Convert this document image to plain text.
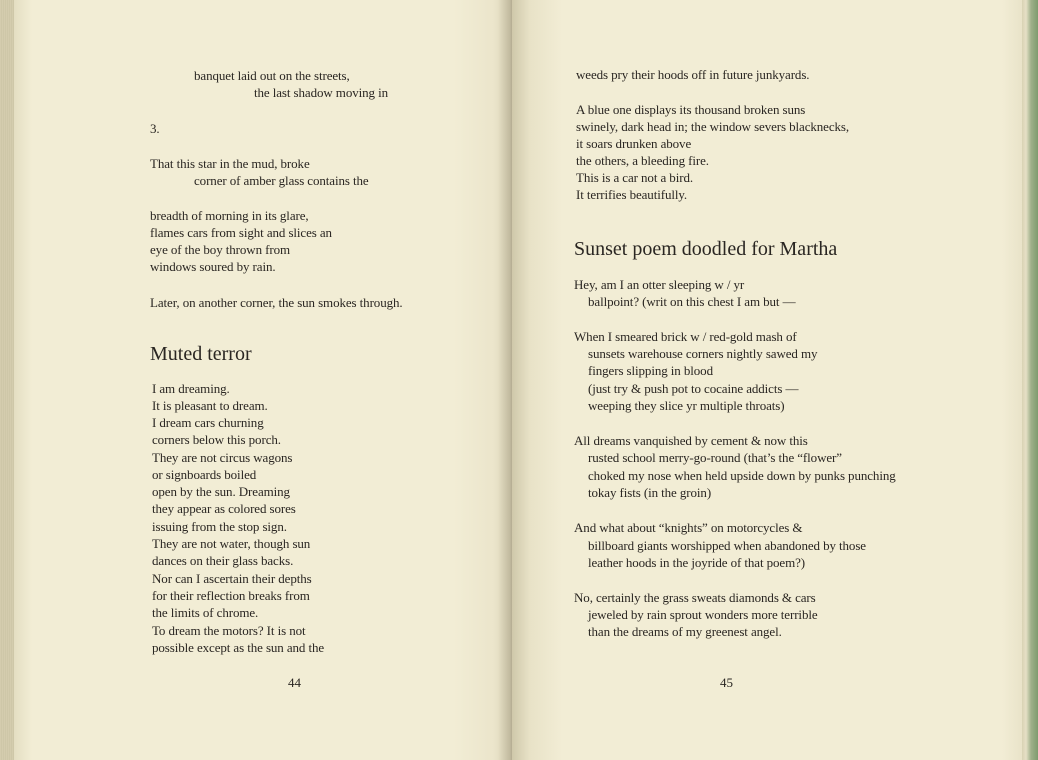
banquet laid out on the streets,
the last shadow moving in
3.
That this star in the mud, broke
corner of amber glass contains the
breadth of morning in its glare,
flames cars from sight and slices an
eye of the boy thrown from
windows soured by rain.
Later, on another corner, the sun smokes through.
Muted terror
I am dreaming.
It is pleasant to dream.
I dream cars churning
corners below this porch.
They are not circus wagons
or signboards boiled
open by the sun. Dreaming
they appear as colored sores
issuing from the stop sign.
They are not water, though sun
dances on their glass backs.
Nor can I ascertain their depths
for their reflection breaks from
the limits of chrome.
To dream the motors? It is not
possible except as the sun and the
44
weeds pry their hoods off in future junkyards.
A blue one displays its thousand broken suns
swinely, dark head in; the window severs blacknecks,
it soars drunken above
the others, a bleeding fire.
This is a car not a bird.
It terrifies beautifully.
Sunset poem doodled for Martha
Hey, am I an otter sleeping w / yr
ballpoint? (writ on this chest I am but —
When I smeared brick w / red-gold mash of
sunsets warehouse corners nightly sawed my
fingers slipping in blood
(just try & push pot to cocaine addicts —
weeping they slice yr multiple throats)
All dreams vanquished by cement & now this
rusted school merry-go-round (that’s the “flower”
choked my nose when held upside down by punks punching
tokay fists (in the groin)
And what about “knights” on motorcycles &
billboard giants worshipped when abandoned by those
leather hoods in the joyride of that poem?)
No, certainly the grass sweats diamonds & cars
jeweled by rain sprout wonders more terrible
than the dreams of my greenest angel.
45
